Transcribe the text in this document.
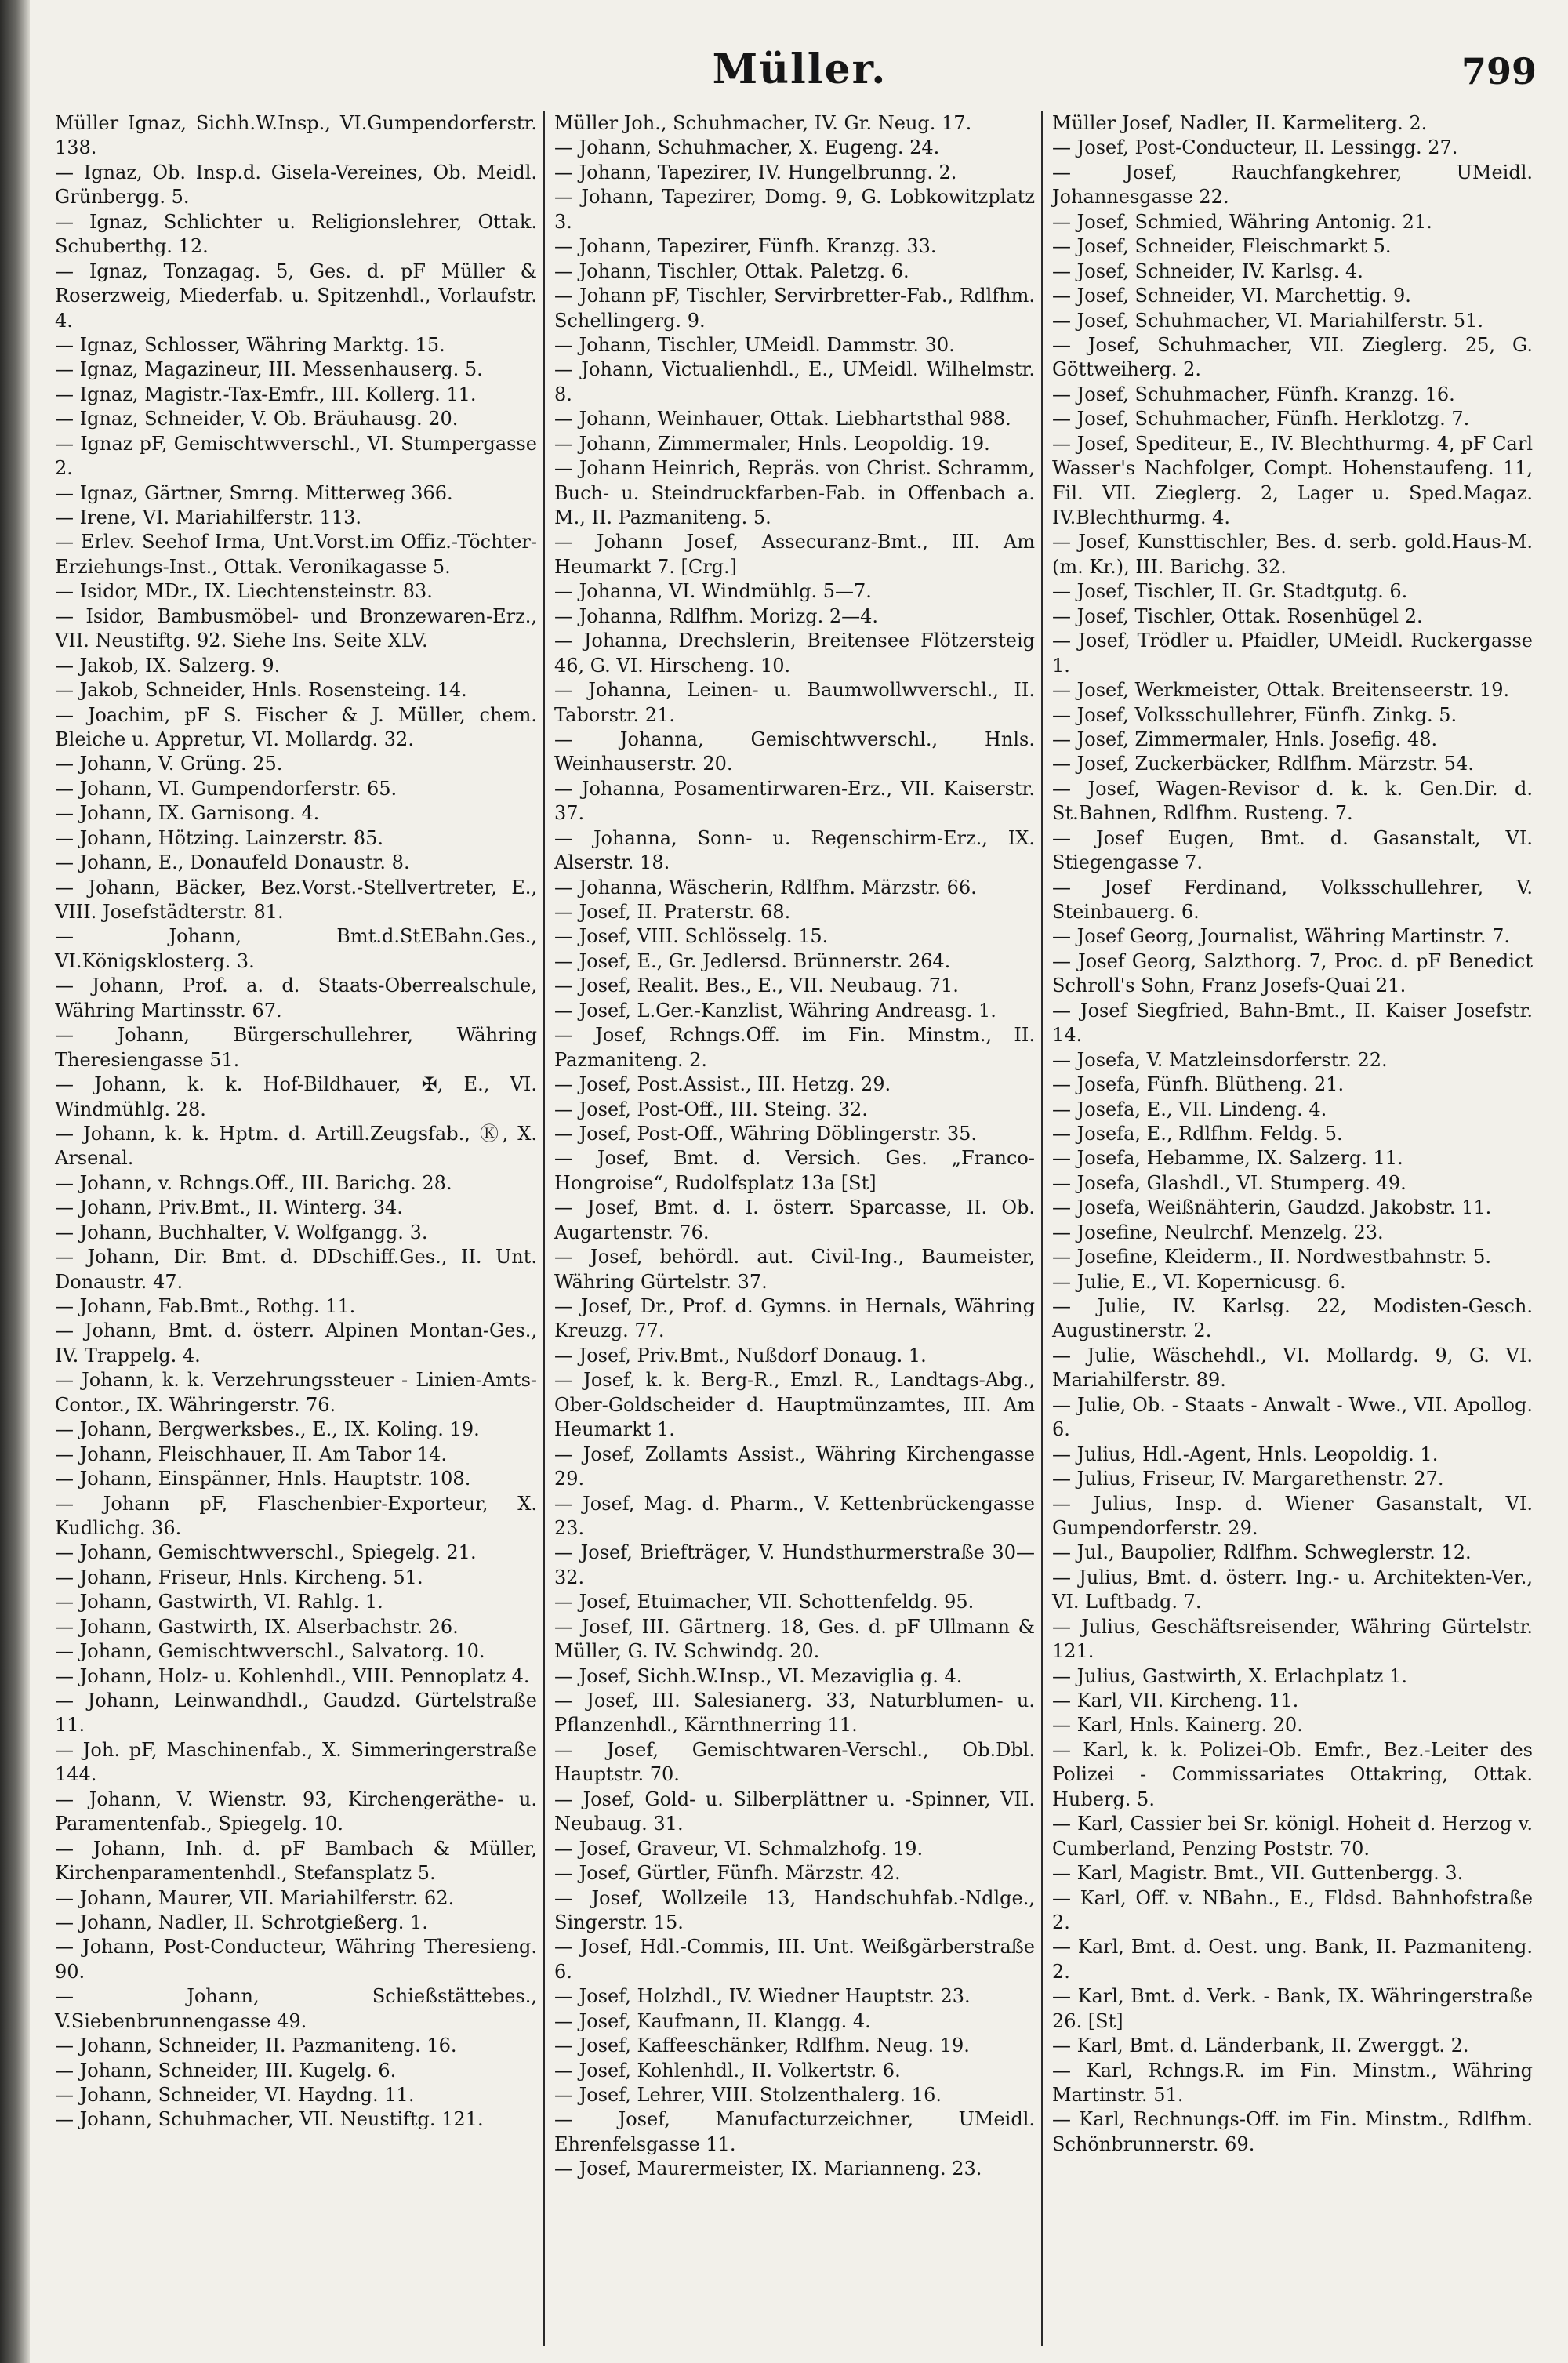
Müller.	799

Müller Ignaz, Sichh.W.Insp., VI.Gumpendorferstr. 138.

— Ignaz, Ob. Insp.d. Gisela-Vereines, Ob. Meidl. Grünbergg. 5.

— Ignaz, Schlichter u. Religionslehrer, Ottak. Schuberthg. 12.

— Ignaz, Tonzagag. 5, Ges. d. pF Müller & Roserzweig, Miederfab. u. Spitzenhdl., Vorlaufstr. 4.

— Ignaz, Schlosser, Währing Marktg. 15.

— Ignaz, Magazineur, III. Messenhauserg. 5.

— Ignaz, Magistr.-Tax-Emfr., III. Kollerg. 11.

— Ignaz, Schneider, V. Ob. Bräuhausg. 20.

— Ignaz pF, Gemischtwverschl., VI. Stumpergasse 2.

— Ignaz, Gärtner, Smrng. Mitterweg 366.

— Irene, VI. Mariahilferstr. 113.

— Erlev. Seehof Irma, Unt.Vorst.im Offiz.-Töchter-Erziehungs-Inst., Ottak. Veronikagasse 5.

— Isidor, MDr., IX. Liechtensteinstr. 83.

— Isidor, Bambusmöbel- und Bronzewaren-Erz., VII. Neustiftg. 92. Siehe Ins. Seite XLV.

— Jakob, IX. Salzerg. 9.

— Jakob, Schneider, Hnls. Rosensteing. 14.

— Joachim, pF S. Fischer & J. Müller, chem. Bleiche u. Appretur, VI. Mollardg. 32.

— Johann, V. Grüng. 25.

— Johann, VI. Gumpendorferstr. 65.

— Johann, IX. Garnisong. 4.

— Johann, Hötzing. Lainzerstr. 85.

— Johann, E., Donaufeld Donaustr. 8.

— Johann, Bäcker, Bez.Vorst.-Stellvertreter, E., VIII. Josefstädterstr. 81.

— Johann, Bmt.d.StEBahn.Ges., VI.Königsklosterg. 3.

— Johann, Prof. a. d. Staats-Oberrealschule, Währing Martinsstr. 67.

— Johann, Bürgerschullehrer, Währing Theresiengasse 51.

— Johann, k. k. Hof-Bildhauer, ✠, E., VI. Windmühlg. 28.

— Johann, k. k. Hptm. d. Artill.Zeugsfab., Ⓚ, X. Arsenal.

— Johann, v. Rchngs.Off., III. Barichg. 28.

— Johann, Priv.Bmt., II. Winterg. 34.

— Johann, Buchhalter, V. Wolfgangg. 3.

— Johann, Dir. Bmt. d. DDschiff.Ges., II. Unt. Donaustr. 47.

— Johann, Fab.Bmt., Rothg. 11.

— Johann, Bmt. d. österr. Alpinen Montan-Ges., IV. Trappelg. 4.

— Johann, k. k. Verzehrungssteuer - Linien-Amts-Contor., IX. Währingerstr. 76.

— Johann, Bergwerksbes., E., IX. Koling. 19.

— Johann, Fleischhauer, II. Am Tabor 14.

— Johann, Einspänner, Hnls. Hauptstr. 108.

— Johann pF, Flaschenbier-Exporteur, X. Kudlichg. 36.

— Johann, Gemischtwverschl., Spiegelg. 21.

— Johann, Friseur, Hnls. Kircheng. 51.

— Johann, Gastwirth, VI. Rahlg. 1.

— Johann, Gastwirth, IX. Alserbachstr. 26.

— Johann, Gemischtwverschl., Salvatorg. 10.

— Johann, Holz- u. Kohlenhdl., VIII. Pennoplatz 4.

— Johann, Leinwandhdl., Gaudzd. Gürtelstraße 11.

— Joh. pF, Maschinenfab., X. Simmeringerstraße 144.

— Johann, V. Wienstr. 93, Kirchengeräthe- u. Paramentenfab., Spiegelg. 10.

— Johann, Inh. d. pF Bambach & Müller, Kirchenparamentenhdl., Stefansplatz 5.

— Johann, Maurer, VII. Mariahilferstr. 62.

— Johann, Nadler, II. Schrotgießerg. 1.

— Johann, Post-Conducteur, Währing Theresieng. 90.

— Johann, Schießstättebes., V.Siebenbrunnengasse 49.

— Johann, Schneider, II. Pazmaniteng. 16.

— Johann, Schneider, III. Kugelg. 6.

— Johann, Schneider, VI. Haydng. 11.

— Johann, Schuhmacher, VII. Neustiftg. 121.

Müller Joh., Schuhmacher, IV. Gr. Neug. 17.

— Johann, Schuhmacher, X. Eugeng. 24.

— Johann, Tapezirer, IV. Hungelbrunng. 2.

— Johann, Tapezirer, Domg. 9, G. Lobkowitzplatz 3.

— Johann, Tapezirer, Fünfh. Kranzg. 33.

— Johann, Tischler, Ottak. Paletzg. 6.

— Johann pF, Tischler, Servirbretter-Fab., Rdlfhm. Schellingerg. 9.

— Johann, Tischler, UMeidl. Dammstr. 30.

— Johann, Victualienhdl., E., UMeidl. Wilhelmstr. 8.

— Johann, Weinhauer, Ottak. Liebhartsthal 988.

— Johann, Zimmermaler, Hnls. Leopoldig. 19.

— Johann Heinrich, Repräs. von Christ. Schramm, Buch- u. Steindruckfarben-Fab. in Offenbach a. M., II. Pazmaniteng. 5.

— Johann Josef, Assecuranz-Bmt., III. Am Heumarkt 7. [Crg.]

— Johanna, VI. Windmühlg. 5—7.

— Johanna, Rdlfhm. Morizg. 2—4.

— Johanna, Drechslerin, Breitensee Flötzersteig 46, G. VI. Hirscheng. 10.

— Johanna, Leinen- u. Baumwollwverschl., II. Taborstr. 21.

— Johanna, Gemischtwverschl., Hnls. Weinhauserstr. 20.

— Johanna, Posamentirwaren-Erz., VII. Kaiserstr. 37.

— Johanna, Sonn- u. Regenschirm-Erz., IX. Alserstr. 18.

— Johanna, Wäscherin, Rdlfhm. Märzstr. 66.

— Josef, II. Praterstr. 68.

— Josef, VIII. Schlösselg. 15.

— Josef, E., Gr. Jedlersd. Brünnerstr. 264.

— Josef, Realit. Bes., E., VII. Neubaug. 71.

— Josef, L.Ger.-Kanzlist, Währing Andreasg. 1.

— Josef, Rchngs.Off. im Fin. Minstm., II. Pazmaniteng. 2.

— Josef, Post.Assist., III. Hetzg. 29.

— Josef, Post-Off., III. Steing. 32.

— Josef, Post-Off., Währing Döblingerstr. 35.

— Josef, Bmt. d. Versich. Ges. „Franco-Hongroise“, Rudolfsplatz 13a [St]

— Josef, Bmt. d. I. österr. Sparcasse, II. Ob. Augartenstr. 76.

— Josef, behördl. aut. Civil-Ing., Baumeister, Währing Gürtelstr. 37.

— Josef, Dr., Prof. d. Gymns. in Hernals, Währing Kreuzg. 77.

— Josef, Priv.Bmt., Nußdorf Donaug. 1.

— Josef, k. k. Berg-R., Emzl. R., Landtags-Abg., Ober-Goldscheider d. Hauptmünzamtes, III. Am Heumarkt 1.

— Josef, Zollamts Assist., Währing Kirchengasse 29.

— Josef, Mag. d. Pharm., V. Kettenbrückengasse 23.

— Josef, Briefträger, V. Hundsthurmerstraße 30—32.

— Josef, Etuimacher, VII. Schottenfeldg. 95.

— Josef, III. Gärtnerg. 18, Ges. d. pF Ullmann & Müller, G. IV. Schwindg. 20.

— Josef, Sichh.W.Insp., VI. Mezaviglia g. 4.

— Josef, III. Salesianerg. 33, Naturblumen- u. Pflanzenhdl., Kärnthnerring 11.

— Josef, Gemischtwaren-Verschl., Ob.Dbl. Hauptstr. 70.

— Josef, Gold- u. Silberplättner u. -Spinner, VII. Neubaug. 31.

— Josef, Graveur, VI. Schmalzhofg. 19.

— Josef, Gürtler, Fünfh. Märzstr. 42.

— Josef, Wollzeile 13, Handschuhfab.-Ndlge., Singerstr. 15.

— Josef, Hdl.-Commis, III. Unt. Weißgärberstraße 6.

— Josef, Holzhdl., IV. Wiedner Hauptstr. 23.

— Josef, Kaufmann, II. Klangg. 4.

— Josef, Kaffeeschänker, Rdlfhm. Neug. 19.

— Josef, Kohlenhdl., II. Volkertstr. 6.

— Josef, Lehrer, VIII. Stolzenthalerg. 16.

— Josef, Manufacturzeichner, UMeidl. Ehrenfelsgasse 11.

— Josef, Maurermeister, IX. Marianneng. 23.

Müller Josef, Nadler, II. Karmeliterg. 2.

— Josef, Post-Conducteur, II. Lessingg. 27.

— Josef, Rauchfangkehrer, UMeidl. Johannesgasse 22.

— Josef, Schmied, Währing Antonig. 21.

— Josef, Schneider, Fleischmarkt 5.

— Josef, Schneider, IV. Karlsg. 4.

— Josef, Schneider, VI. Marchettig. 9.

— Josef, Schuhmacher, VI. Mariahilferstr. 51.

— Josef, Schuhmacher, VII. Zieglerg. 25, G. Göttweiherg. 2.

— Josef, Schuhmacher, Fünfh. Kranzg. 16.

— Josef, Schuhmacher, Fünfh. Herklotzg. 7.

— Josef, Spediteur, E., IV. Blechthurmg. 4, pF Carl Wasser's Nachfolger, Compt. Hohenstaufeng. 11, Fil. VII. Zieglerg. 2, Lager u. Sped.Magaz. IV.Blechthurmg. 4.

— Josef, Kunsttischler, Bes. d. serb. gold.Haus-M. (m. Kr.), III. Barichg. 32.

— Josef, Tischler, II. Gr. Stadtgutg. 6.

— Josef, Tischler, Ottak. Rosenhügel 2.

— Josef, Trödler u. Pfaidler, UMeidl. Ruckergasse 1.

— Josef, Werkmeister, Ottak. Breitenseerstr. 19.

— Josef, Volksschullehrer, Fünfh. Zinkg. 5.

— Josef, Zimmermaler, Hnls. Josefig. 48.

— Josef, Zuckerbäcker, Rdlfhm. Märzstr. 54.

— Josef, Wagen-Revisor d. k. k. Gen.Dir. d. St.Bahnen, Rdlfhm. Rusteng. 7.

— Josef Eugen, Bmt. d. Gasanstalt, VI. Stiegengasse 7.

— Josef Ferdinand, Volksschullehrer, V. Steinbauerg. 6.

— Josef Georg, Journalist, Währing Martinstr. 7.

— Josef Georg, Salzthorg. 7, Proc. d. pF Benedict Schroll's Sohn, Franz Josefs-Quai 21.

— Josef Siegfried, Bahn-Bmt., II. Kaiser Josefstr. 14.

— Josefa, V. Matzleinsdorferstr. 22.

— Josefa, Fünfh. Blütheng. 21.

— Josefa, E., VII. Lindeng. 4.

— Josefa, E., Rdlfhm. Feldg. 5.

— Josefa, Hebamme, IX. Salzerg. 11.

— Josefa, Glashdl., VI. Stumperg. 49.

— Josefa, Weißnähterin, Gaudzd. Jakobstr. 11.

— Josefine, Neulrchf. Menzelg. 23.

— Josefine, Kleiderm., II. Nordwestbahnstr. 5.

— Julie, E., VI. Kopernicusg. 6.

— Julie, IV. Karlsg. 22, Modisten-Gesch. Augustinerstr. 2.

— Julie, Wäschehdl., VI. Mollardg. 9, G. VI. Mariahilferstr. 89.

— Julie, Ob. - Staats - Anwalt - Wwe., VII. Apollog. 6.

— Julius, Hdl.-Agent, Hnls. Leopoldig. 1.

— Julius, Friseur, IV. Margarethenstr. 27.

— Julius, Insp. d. Wiener Gasanstalt, VI. Gumpendorferstr. 29.

— Jul., Baupolier, Rdlfhm. Schweglerstr. 12.

— Julius, Bmt. d. österr. Ing.- u. Architekten-Ver., VI. Luftbadg. 7.

— Julius, Geschäftsreisender, Währing Gürtelstr. 121.

— Julius, Gastwirth, X. Erlachplatz 1.

— Karl, VII. Kircheng. 11.

— Karl, Hnls. Kainerg. 20.

— Karl, k. k. Polizei-Ob. Emfr., Bez.-Leiter des Polizei - Commissariates Ottakring, Ottak. Huberg. 5.

— Karl, Cassier bei Sr. königl. Hoheit d. Herzog v. Cumberland, Penzing Poststr. 70.

— Karl, Magistr. Bmt., VII. Guttenbergg. 3.

— Karl, Off. v. NBahn., E., Fldsd. Bahnhofstraße 2.

— Karl, Bmt. d. Oest. ung. Bank, II. Pazmaniteng. 2.

— Karl, Bmt. d. Verk. - Bank, IX. Währingerstraße 26. [St]

— Karl, Bmt. d. Länderbank, II. Zwerggt. 2.

— Karl, Rchngs.R. im Fin. Minstm., Währing Martinstr. 51.

— Karl, Rechnungs-Off. im Fin. Minstm., Rdlfhm. Schönbrunnerstr. 69.
